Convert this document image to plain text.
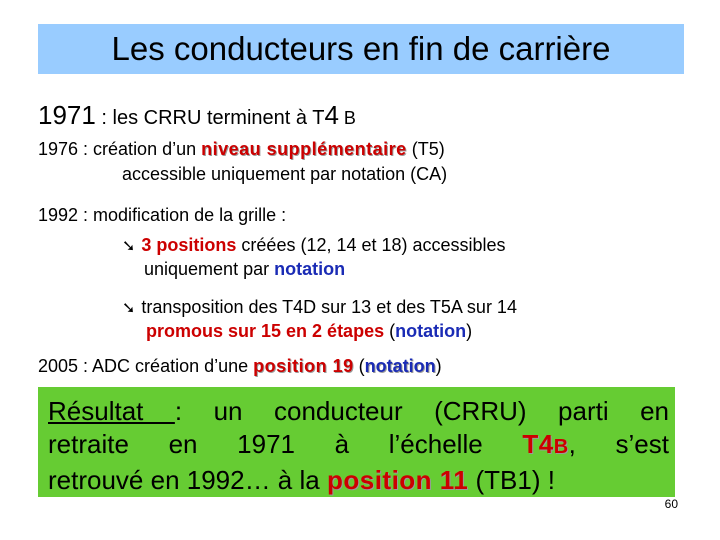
Les conducteurs en fin de carrière
1971 : les CRRU terminent à T4 B
1976 : création d’un niveau supplémentaire (T5)
accessible uniquement par notation (CA)
1992 : modification de la grille :
➘ 3 positions créées (12, 14 et 18) accessibles
uniquement par notation
➘ transposition des T4D sur 13 et des T5A sur 14
promous sur 15 en 2 étapes (notation)
2005 : ADC création d’une position 19 (notation)
Résultat : un conducteur (CRRU) parti en
retraite en 1971 à l’échelle T4B, s’est
retrouvé en 1992… à la position 11 (TB1) !
60
